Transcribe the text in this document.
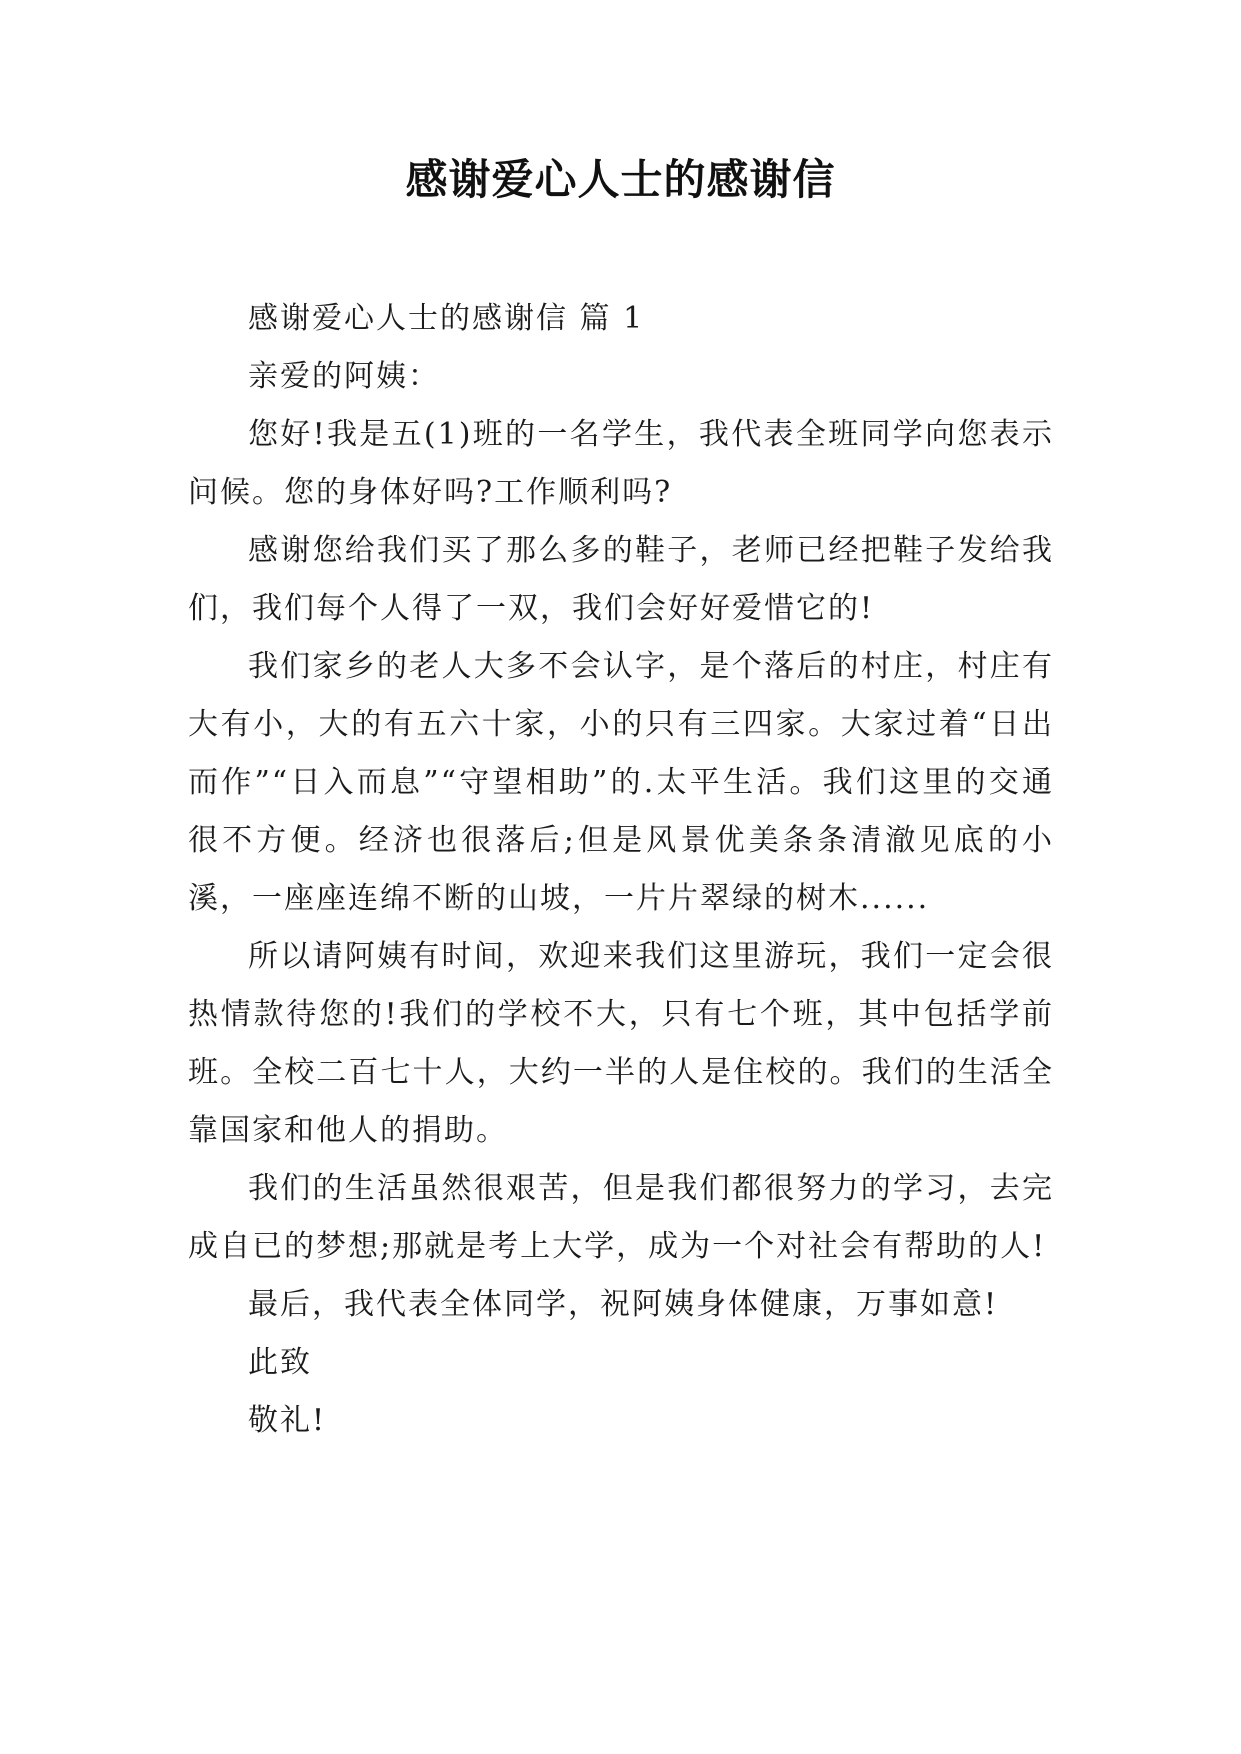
感谢爱心人士的感谢信

感谢爱心人士的感谢信 篇 1

亲爱的阿姨：

您好!我是五(1)班的一名学生，我代表全班同学向您表示问候。您的身体好吗?工作顺利吗?

感谢您给我们买了那么多的鞋子，老师已经把鞋子发给我们，我们每个人得了一双，我们会好好爱惜它的!

我们家乡的老人大多不会认字，是个落后的村庄，村庄有大有小，大的有五六十家，小的只有三四家。大家过着“日出而作”“日入而息”“守望相助”的.太平生活。我们这里的交通很不方便。经济也很落后;但是风景优美条条清澈见底的小溪，一座座连绵不断的山坡，一片片翠绿的树木......

所以请阿姨有时间，欢迎来我们这里游玩，我们一定会很热情款待您的!我们的学校不大，只有七个班，其中包括学前班。全校二百七十人，大约一半的人是住校的。我们的生活全靠国家和他人的捐助。

我们的生活虽然很艰苦，但是我们都很努力的学习，去完成自已的梦想;那就是考上大学，成为一个对社会有帮助的人!

最后，我代表全体同学，祝阿姨身体健康，万事如意!

此致

敬礼!
